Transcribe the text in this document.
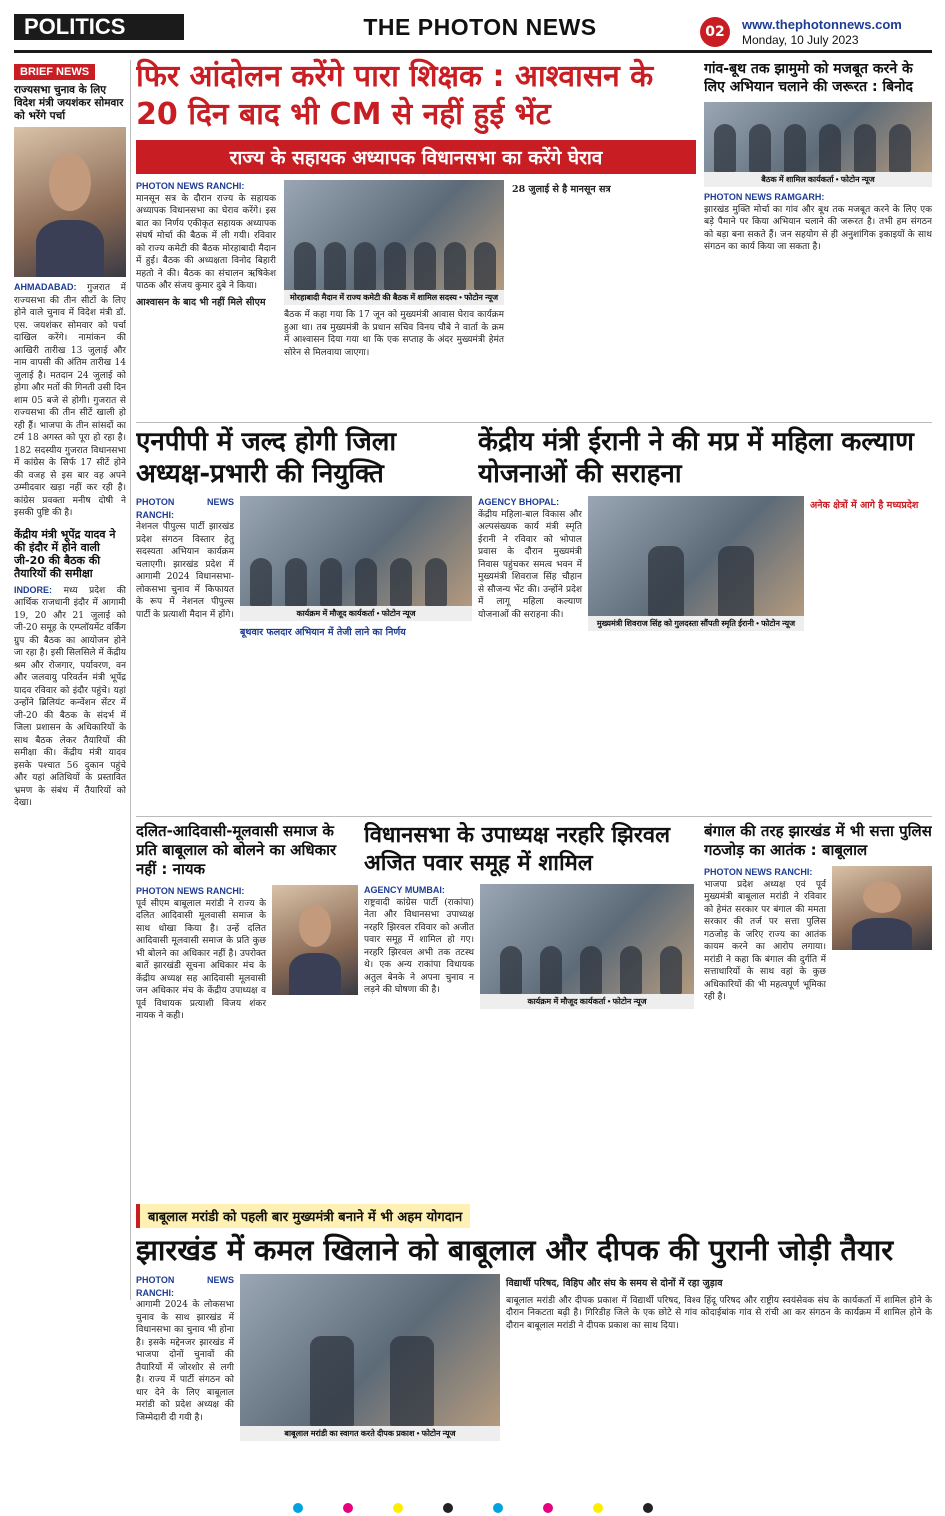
POLITICS	THE PHOTON NEWS	02	www.thephotonnews.com
Monday, 10 July 2023
BRIEF NEWS
राज्यसभा चुनाव के लिए विदेश मंत्री जयशंकर सोमवार को भरेंगे पर्चा
AHMADABAD: गुजरात में राज्यसभा की तीन सीटों के लिए होने वाले चुनाव में विदेश मंत्री डॉ. एस. जयशंकर सोमवार को पर्चा दाखिल करेंगे। नामांकन की आखिरी तारीख 13 जुलाई और नाम वापसी की अंतिम तारीख 14 जुलाई है। मतदान 24 जुलाई को होगा और मतों की गिनती उसी दिन शाम 05 बजे से होगी। गुजरात से राज्यसभा की तीन सीटें खाली हो रही हैं। भाजपा के तीन सांसदों का टर्म 18 अगस्त को पूरा हो रहा है। 182 सदस्यीय गुजरात विधानसभा में कांग्रेस के सिर्फ 17 सीटें होने की वजह से इस बार वह अपने उम्मीदवार खड़ा नहीं कर रही है। कांग्रेस प्रवक्ता मनीष दोषी ने इसकी पुष्टि की है।
केंद्रीय मंत्री भूपेंद्र यादव ने की इंदौर में होने वाली जी-20 की बैठक की तैयारियों की समीक्षा
INDORE: मध्य प्रदेश की आर्थिक राजधानी इंदौर में आगामी 19, 20 और 21 जुलाई को जी-20 समूह के एम्प्लॉयमेंट वर्किंग ग्रुप की बैठक का आयोजन होने जा रहा है। इसी सिलसिले में केंद्रीय श्रम और रोजगार, पर्यावरण, वन और जलवायु परिवर्तन मंत्री भूपेंद्र यादव रविवार को इंदौर पहुंचे। यहां उन्होंने ब्रिलियंट कन्वेंशन सेंटर में जी-20 की बैठक के संदर्भ में जिला प्रशासन के अधिकारियों के साथ बैठक लेकर तैयारियों की समीक्षा की। केंद्रीय मंत्री यादव इसके पश्चात 56 दुकान पहुंचे और यहां अतिथियों के प्रस्तावित भ्रमण के संबंध में तैयारियों को देखा।
फिर आंदोलन करेंगे पारा शिक्षक : आश्वासन के 20 दिन बाद भी CM से नहीं हुई भेंट
राज्य के सहायक अध्यापक विधानसभा का करेंगे घेराव
PHOTON NEWS RANCHI:
मानसून सत्र के दौरान राज्य के सहायक अध्यापक विधानसभा का घेराव करेंगे। इस बात का निर्णय एकीकृत सहायक अध्यापक संघर्ष मोर्चा की बैठक में ली गयी। रविवार को राज्य कमेटी की बैठक मोरहाबादी मैदान में हुई। बैठक की अध्यक्षता विनोद बिहारी महतो ने की। बैठक का संचालन ऋषिकेश पाठक और संजय कुमार दुबे ने किया।
आश्वासन के बाद भी नहीं मिले सीएम	मोरहाबादी मैदान में राज्य कमेटी की बैठक में शामिल सदस्य • फोटोन न्यूज
बैठक में कहा गया कि 17 जून को मुख्यमंत्री आवास घेराव कार्यक्रम हुआ था। तब मुख्यमंत्री के प्रधान सचिव विनय चौबे ने वार्ता के क्रम में आश्वासन दिया गया था कि एक सप्ताह के अंदर मुख्यमंत्री हेमंत सोरेन से मिलवाया जाएगा।
28 जुलाई से है मानसून सत्र
गांव-बूथ तक झामुमो को मजबूत करने के लिए अभियान चलाने की जरूरत : बिनोद
बैठक में शामिल कार्यकर्ता • फोटोन न्यूज
PHOTON NEWS RAMGARH:
झारखंड मुक्ति मोर्चा का गांव और बूथ तक मजबूत करने के लिए एक बड़े पैमाने पर किया अभियान चलाने की जरूरत है। तभी हम संगठन को बड़ा बना सकते हैं। जन सहयोग से ही अनुशांगिक इकाइयों के साथ संगठन का कार्य किया जा सकता है।
एनपीपी में जल्द होगी जिला अध्यक्ष-प्रभारी की नियुक्ति
PHOTON NEWS RANCHI:
नेशनल पीपुल्स पार्टी झारखंड प्रदेश संगठन विस्तार हेतु सदस्यता अभियान कार्यक्रम चलाएगी। झारखंड प्रदेश में आगामी 2024 विधानसभा-लोकसभा चुनाव में किफायत के रूप में नेशनल पीपुल्स पार्टी के प्रत्याशी मैदान में होंगे।	कार्यक्रम में मौजूद कार्यकर्ता • फोटोन न्यूज
बूथवार फलदार अभियान में तेजी लाने का निर्णय
केंद्रीय मंत्री ईरानी ने की मप्र में महिला कल्याण योजनाओं की सराहना
AGENCY BHOPAL:
केंद्रीय महिला-बाल विकास और अल्पसंख्यक कार्य मंत्री स्मृति ईरानी ने रविवार को भोपाल प्रवास के दौरान मुख्यमंत्री निवास पहुंचकर समत्व भवन में मुख्यमंत्री शिवराज सिंह चौहान से सौजन्य भेंट की। उन्होंने प्रदेश में लागू महिला कल्याण योजनाओं की सराहना की।
मुख्यमंत्री शिवराज सिंह को गुलदस्ता सौंपती स्मृति ईरानी • फोटोन न्यूज
अनेक क्षेत्रों में आगे है मध्यप्रदेश
दलित-आदिवासी-मूलवासी समाज के प्रति बाबूलाल को बोलने का अधिकार नहीं : नायक
PHOTON NEWS RANCHI:
पूर्व सीएम बाबूलाल मरांडी ने राज्य के दलित आदिवासी मूलवासी समाज के साथ धोखा किया है। उन्हें दलित आदिवासी मूलवासी समाज के प्रति कुछ भी बोलने का अधिकार नहीं है। उपरोक्त बातें झारखंडी सूचना अधिकार मंच के केंद्रीय अध्यक्ष सह आदिवासी मूलवासी जन अधिकार मंच के केंद्रीय उपाध्यक्ष व पूर्व विधायक प्रत्याशी विजय शंकर नायक ने कही।
विधानसभा के उपाध्यक्ष नरहरि झिरवल अजित पवार समूह में शामिल
AGENCY MUMBAI:
राष्ट्रवादी कांग्रेस पार्टी (राकांपा) नेता और विधानसभा उपाध्यक्ष नरहरि झिरवल रविवार को अजीत पवार समूह में शामिल हो गए। नरहरि झिरवल अभी तक तटस्थ थे। एक अन्य राकांपा विधायक अतुल बेनके ने अपना चुनाव न लड़ने की घोषणा की है।
कार्यक्रम में मौजूद कार्यकर्ता • फोटोन न्यूज
बंगाल की तरह झारखंड में भी सत्ता पुलिस गठजोड़ का आतंक : बाबूलाल
PHOTON NEWS RANCHI:
भाजपा प्रदेश अध्यक्ष एवं पूर्व मुख्यमंत्री बाबूलाल मरांडी ने रविवार को हेमंत सरकार पर बंगाल की ममता सरकार की तर्ज पर सत्ता पुलिस गठजोड़ के जरिए राज्य का आतंक कायम करने का आरोप लगाया। मरांडी ने कहा कि बंगाल की दुर्गति में सत्ताधारियों के साथ वहां के कुछ अधिकारियों की भी महत्वपूर्ण भूमिका रही है।
बाबूलाल मरांडी को पहली बार मुख्यमंत्री बनाने में भी अहम योगदान
झारखंड में कमल खिलाने को बाबूलाल और दीपक की पुरानी जोड़ी तैयार
PHOTON NEWS RANCHI:
आगामी 2024 के लोकसभा चुनाव के साथ झारखंड में विधानसभा का चुनाव भी होना है। इसके मद्देनजर झारखंड में भाजपा दोनों चुनावों की तैयारियों में जोरशोर से लगी है। राज्य में पार्टी संगठन को धार देने के लिए बाबूलाल मरांडी को प्रदेश अध्यक्ष की जिम्मेदारी दी गयी है।
बाबूलाल मरांडी का स्वागत करते दीपक प्रकाश • फोटोन न्यूज
विद्यार्थी परिषद, विहिप और संघ के समय से दोनों में रहा जुड़ाव
बाबूलाल मरांडी और दीपक प्रकाश में विद्यार्थी परिषद, विश्व हिंदू परिषद और राष्ट्रीय स्वयंसेवक संघ के कार्यकर्ता में शामिल होने के दौरान निकटता बढ़ी है। गिरिडीह जिले के एक छोटे से गांव कोदाईबांक गांव से रांची आ कर संगठन के कार्यक्रम में शामिल होने के दौरान बाबूलाल मरांडी ने दीपक प्रकाश का साथ दिया।
